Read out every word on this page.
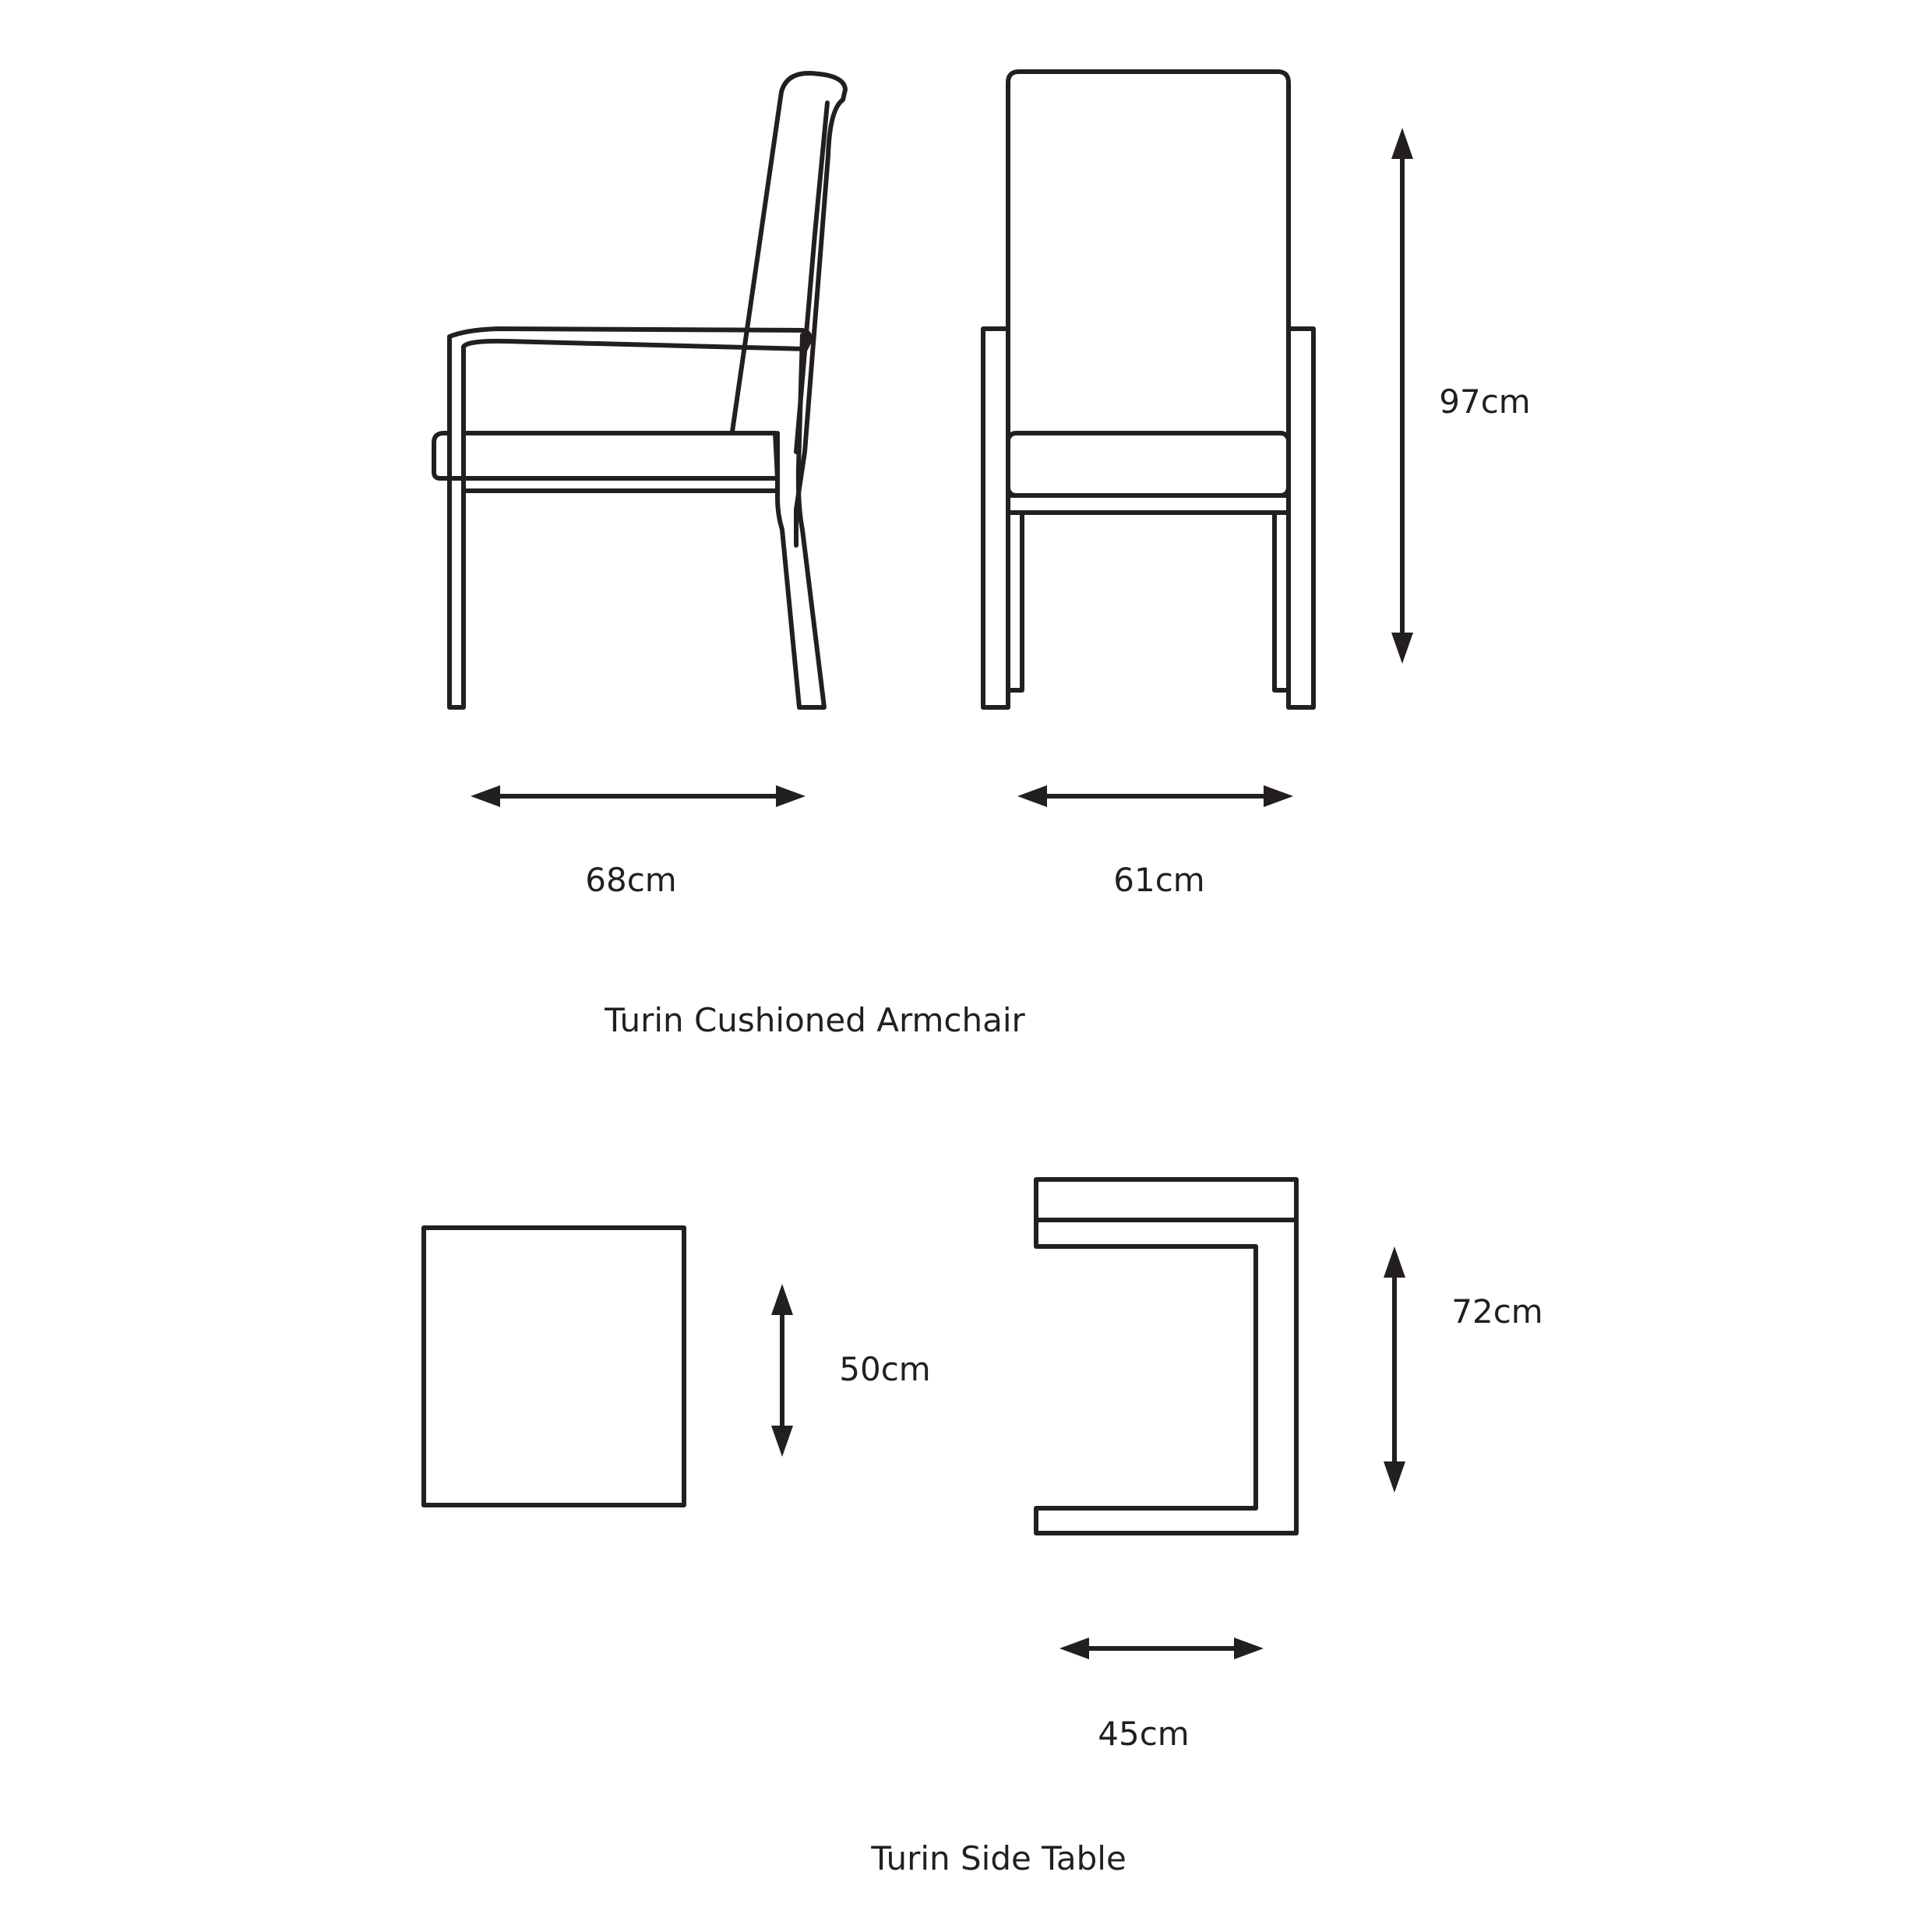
68cm	61cm
97cm
Turin Cushioned Armchair
50cm
72cm
45cm
Turin Side Table
